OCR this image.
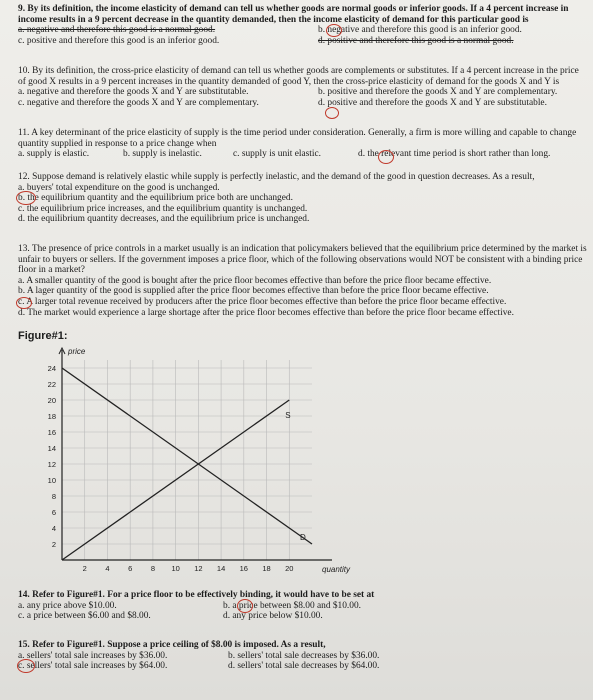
9. By its definition, the income elasticity of demand can tell us whether goods are normal goods or inferior goods. If a 4 percent increase in income results in a 9 percent decrease in the quantity demanded, then the income elasticity of demand for this particular good is

a. negative and therefore this good is a normal good.	b. negative and therefore this good is an inferior good.
c. positive and therefore this good is an inferior good.	d. positive and therefore this good is a normal good.

10. By its definition, the cross-price elasticity of demand can tell us whether goods are complements or substitutes. If a 4 percent increase in the price of good X results in a 9 percent increases in the quantity demanded of good Y, then the cross-price elasticity of demand for the goods X and Y is

a. negative and therefore the goods X and Y are substitutable.	b. positive and therefore the goods X and Y are complementary.
c. negative and therefore the goods X and Y are complementary.	d. positive and therefore the goods X and Y are substitutable.

11. A key determinant of the price elasticity of supply is the time period under consideration. Generally, a firm is more willing and capable to change quantity supplied in response to a price change when

a. supply is elastic.	b. supply is inelastic.	c. supply is unit elastic.	d. the relevant time period is short rather than long.

12. Suppose demand is relatively elastic while supply is perfectly inelastic, and the demand of the good in question decreases. As a result,

a. buyers' total expenditure on the good is unchanged.

b. the equilibrium quantity and the equilibrium price both are unchanged.

c. the equilibrium price increases, and the equilibrium quantity is unchanged.

d. the equilibrium quantity decreases, and the equilibrium price is unchanged.

13. The presence of price controls in a market usually is an indication that policymakers believed that the equilibrium price determined by the market is unfair to buyers or sellers. If the government imposes a price floor, which of the following observations would NOT be consistent with a binding price floor in a market?

a. A smaller quantity of the good is bought after the price floor becomes effective than before the price floor became effective.

b. A lager quantity of the good is supplied after the price floor becomes effective than before the price floor became effective.

c. A larger total revenue received by producers after the price floor becomes effective than before the price floor became effective.

d. The market would experience a large shortage after the price floor becomes effective than before the price floor became effective.

Figure#1:
2
4
6
8
10
12
14
16
18
20
22
24
2 4 6 8 10 12 14 16 18 20
price
quantity
S
D

14. Refer to Figure#1. For a price floor to be effectively binding, it would have to be set at

a. any price above $10.00.	b. a price between $8.00 and $10.00.
c. a price between $6.00 and $8.00.	d. any price below $10.00.

15. Refer to Figure#1. Suppose a price ceiling of $8.00 is imposed. As a result,

a. sellers' total sale increases by $36.00.	b. sellers' total sale decreases by $36.00.
c. sellers' total sale increases by $64.00.	d. sellers' total sale decreases by $64.00.
